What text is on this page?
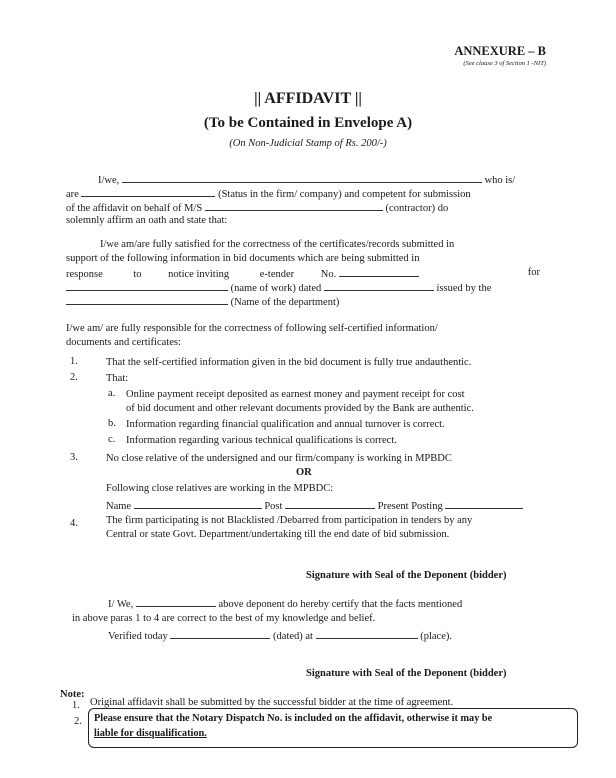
ANNEXURE – B
(See clause 3 of Section 1 -NIT)
|| AFFIDAVIT ||
(To be Contained in Envelope A)
(On Non-Judicial Stamp of Rs. 200/-)
I/we,	who is/
are	(Status in the firm/ company) and competent for submission
of the affidavit on behalf of M/S	(contractor) do
solemnly affirm an oath and state that:
I/we am/are fully satisfied for the correctness of the certificates/records submitted in
support of the following information in bid documents which are being submitted in
response	to	notice inviting	e-tender	No.	for
(name of work) dated	issued by the
(Name of the department)
I/we am/ are fully responsible for the correctness of following self-certified information/
documents and certificates:
1.	That the self-certified information given in the bid document is fully true andauthentic.
2.	That:
a. Online payment receipt deposited as earnest money and payment receipt for cost
of bid document and other relevant documents provided by the Bank are authentic.
b. Information regarding financial qualification and annual turnover is correct.
c. Information regarding various technical qualifications is correct.
3.	No close relative of the undersigned and our firm/company is working in MPBDC
OR
Following close relatives are working in the MPBDC:
Name	Post	Present Posting
4.	The firm participating is not Blacklisted /Debarred from participation in tenders by any
Central or state Govt. Department/undertaking till the end date of bid submission.
Signature with Seal of the Deponent (bidder)
I/ We,	above deponent do hereby certify that the facts mentioned
in above paras 1 to 4 are correct to the best of my knowledge and belief.
Verified today	(dated) at	(place).
Signature with Seal of the Deponent (bidder)
Note:
1. Original affidavit shall be submitted by the successful bidder at the time of agreement.
2. Please ensure that the Notary Dispatch No. is included on the affidavit, otherwise it may be
liable for disqualification.
